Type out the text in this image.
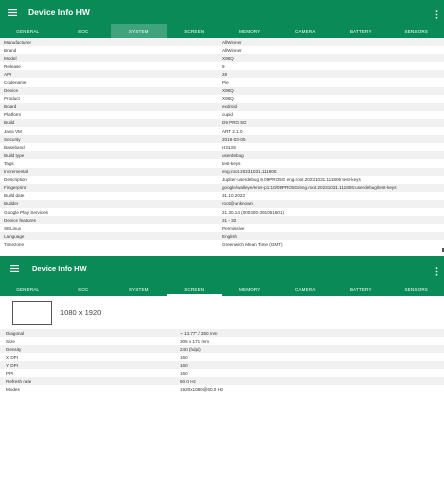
Device Info HW
GENERAL	SOC	SYSTEM	SCREEN	MEMORY	CAMERA	BATTERY	SENSORS
Manufacturer	AllWinner
Brand	AllWinner
Model	X96Q
Release	9
API	28
Codename	Pie
Device	X96Q
Product	X96Q
Board	exdroid
Platform	cupid
Build	D9 PRO 5G
Java VM	ART 2.1.0
Security	2019-03-05
Baseband	H313S
Build type	userdebug
Tags	test-keys
Incremental	eng.root.20231031.111806
Description	Jupiter-userdebug 9.09PRO5G eng.root.20231031.111806 test-keys
Fingerprint	google/walleye/eros-p1:10/09PRO5G/eng.root.20231031.111806:userdebug/test-keys
Build date	31.10.2023
Builder	root@unknown
Google Play Services	21.30.14 (000300-391051601)
Device features	31 - 32
SELinux	Permissive
Language	English
Timezone	Greenwich Mean Time (GMT)
Device Info HW
GENERAL	SOC	SYSTEM	SCREEN	MEMORY	CAMERA	BATTERY	SENSORS
1080 x 1920
Diagonal	~ 13.77" / 350 mm
Size	305 x 171 mm
Density	240 (hdpi)
X DPI	160
Y DPI	160
PPI	160
Refresh rate	60.0 Hz
Modes	1920x1080@60.0 Hz
